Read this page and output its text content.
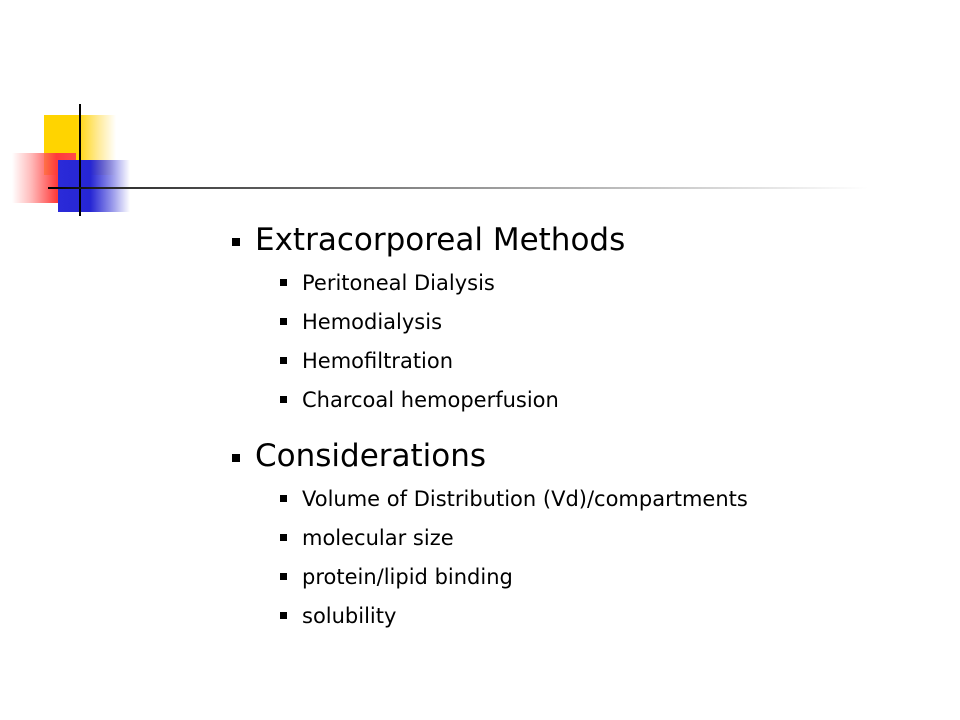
Extracorporeal Methods
Peritoneal Dialysis
Hemodialysis
Hemofiltration
Charcoal hemoperfusion
Considerations
Volume of Distribution (Vd)/compartments
molecular size
protein/lipid binding
solubility
